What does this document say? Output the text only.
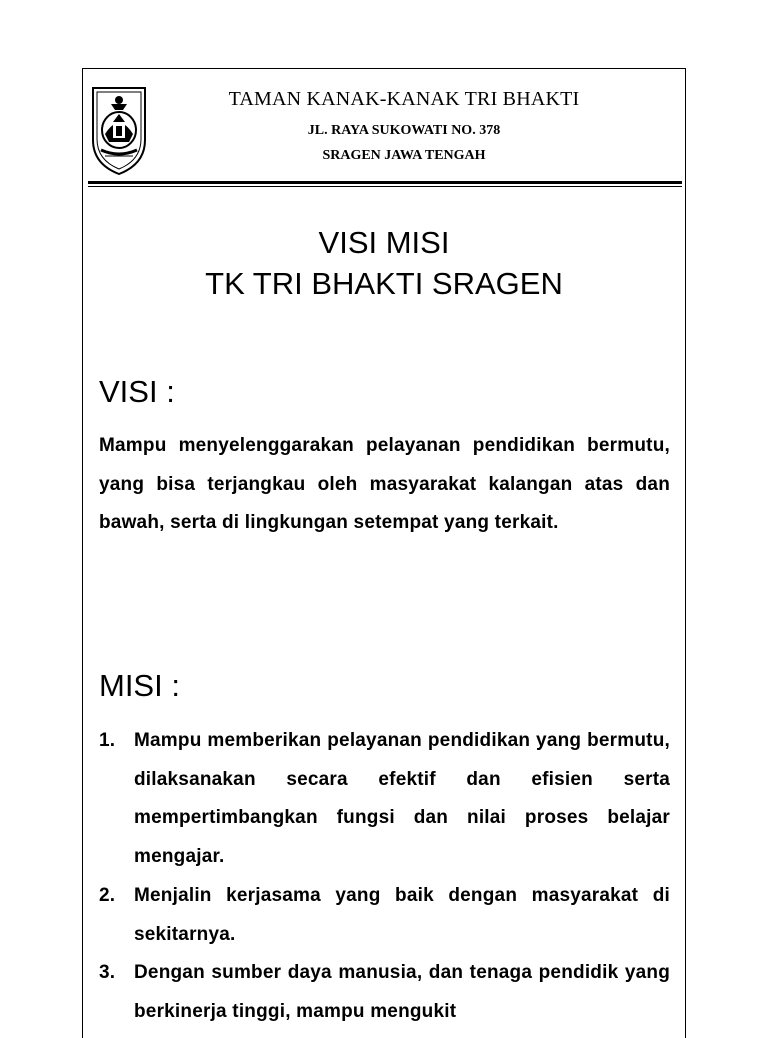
TAMAN KANAK-KANAK TRI BHAKTI
JL. RAYA SUKOWATI NO. 378
SRAGEN JAWA TENGAH
VISI MISI
TK TRI BHAKTI SRAGEN
VISI :
Mampu menyelenggarakan pelayanan pendidikan bermutu, yang bisa terjangkau oleh masyarakat kalangan atas dan bawah, serta di lingkungan setempat yang terkait.
MISI :
1. Mampu memberikan pelayanan pendidikan yang bermutu, dilaksanakan secara efektif dan efisien serta mempertimbangkan fungsi dan nilai proses belajar mengajar.
2. Menjalin kerjasama yang baik dengan masyarakat di sekitarnya.
3. Dengan sumber daya manusia, dan tenaga pendidik yang berkinerja tinggi, mampu mengukit
